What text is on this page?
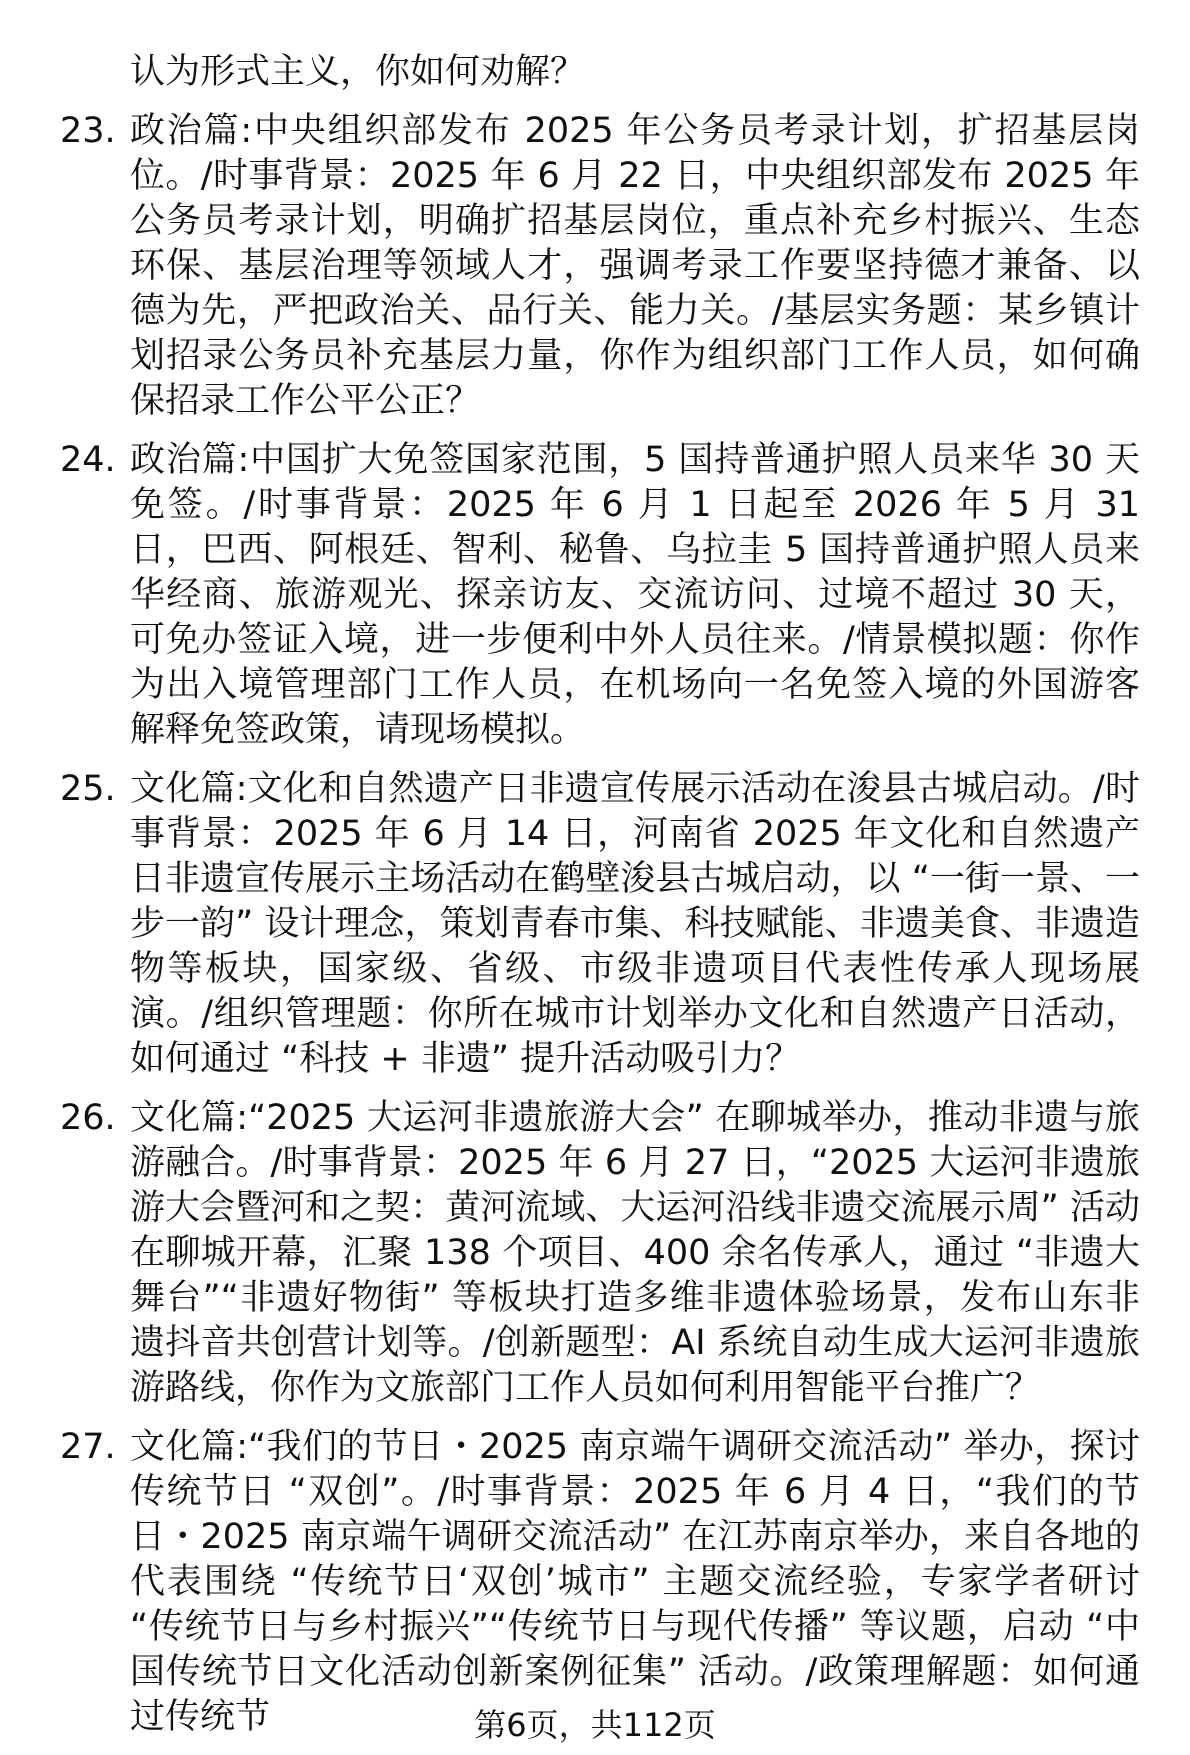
认为形式主义，你如何劝解？
23. 政治篇:中央组织部发布 2025 年公务员考录计划，扩招基层岗位。/时事背景：2025 年 6 月 22 日，中央组织部发布 2025 年公务员考录计划，明确扩招基层岗位，重点补充乡村振兴、生态环保、基层治理等领域人才，强调考录工作要坚持德才兼备、以德为先，严把政治关、品行关、能力关。/基层实务题：某乡镇计划招录公务员补充基层力量，你作为组织部门工作人员，如何确保招录工作公平公正？
24. 政治篇:中国扩大免签国家范围，5 国持普通护照人员来华 30 天免签。/时事背景：2025 年 6 月 1 日起至 2026 年 5 月 31 日，巴西、阿根廷、智利、秘鲁、乌拉圭 5 国持普通护照人员来华经商、旅游观光、探亲访友、交流访问、过境不超过 30 天，可免办签证入境，进一步便利中外人员往来。/情景模拟题：你作为出入境管理部门工作人员，在机场向一名免签入境的外国游客解释免签政策，请现场模拟。
25. 文化篇:文化和自然遗产日非遗宣传展示活动在浚县古城启动。/时事背景：2025 年 6 月 14 日，河南省 2025 年文化和自然遗产日非遗宣传展示主场活动在鹤壁浚县古城启动，以 “一街一景、一步一韵” 设计理念，策划青春市集、科技赋能、非遗美食、非遗造物等板块，国家级、省级、市级非遗项目代表性传承人现场展演。/组织管理题：你所在城市计划举办文化和自然遗产日活动，如何通过 “科技 + 非遗” 提升活动吸引力？
26. 文化篇:“2025 大运河非遗旅游大会” 在聊城举办，推动非遗与旅游融合。/时事背景：2025 年 6 月 27 日，“2025 大运河非遗旅游大会暨河和之契：黄河流域、大运河沿线非遗交流展示周” 活动在聊城开幕，汇聚 138 个项目、400 余名传承人，通过 “非遗大舞台”“非遗好物街” 等板块打造多维非遗体验场景，发布山东非遗抖音共创营计划等。/创新题型：AI 系统自动生成大运河非遗旅游路线，你作为文旅部门工作人员如何利用智能平台推广？
27. 文化篇:“我们的节日・2025 南京端午调研交流活动” 举办，探讨传统节日 “双创”。/时事背景：2025 年 6 月 4 日，“我们的节日・2025 南京端午调研交流活动” 在江苏南京举办，来自各地的代表围绕 “传统节日‘双创’城市” 主题交流经验，专家学者研讨 “传统节日与乡村振兴”“传统节日与现代传播” 等议题，启动 “中国传统节日文化活动创新案例征集” 活动。/政策理解题：如何通过传统节	第6页，共112页
